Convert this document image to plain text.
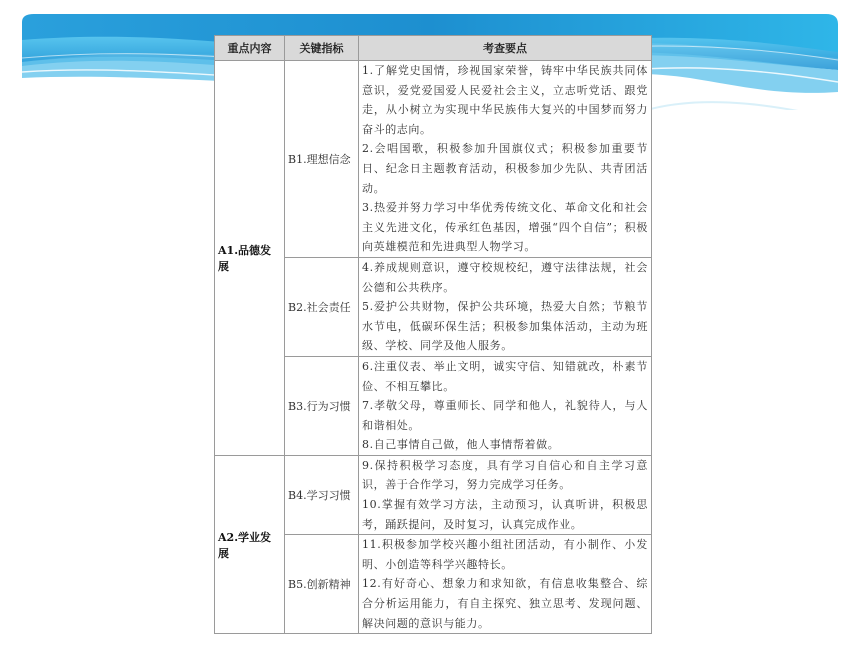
重点内容	关键指标	考查要点
A1.品德发展	B1.理想信念	1.了解党史国情，珍视国家荣誉，铸牢中华民族共同体意识，爱党爱国爱人民爱社会主义，立志听党话、跟党走，从小树立为实现中华民族伟大复兴的中国梦而努力奋斗的志向。
2.会唱国歌，积极参加升国旗仪式；积极参加重要节日、纪念日主题教育活动，积极参加少先队、共青团活动。
3.热爱并努力学习中华优秀传统文化、革命文化和社会主义先进文化，传承红色基因，增强“四个自信”；积极向英雄模范和先进典型人物学习。

	B2.社会责任	4.养成规则意识，遵守校规校纪，遵守法律法规，社会公德和公共秩序。
5.爱护公共财物，保护公共环境，热爱大自然；节粮节水节电，低碳环保生活；积极参加集体活动，主动为班级、学校、同学及他人服务。

	B3.行为习惯	6.注重仪表、举止文明，诚实守信、知错就改，朴素节俭、不相互攀比。
7.孝敬父母，尊重师长、同学和他人，礼貌待人，与人和谐相处。
8.自己事情自己做，他人事情帮着做。

A2.学业发展	B4.学习习惯	9.保持积极学习态度，具有学习自信心和自主学习意识，善于合作学习，努力完成学习任务。
10.掌握有效学习方法，主动预习，认真听讲，积极思考，踊跃提问，及时复习，认真完成作业。

	B5.创新精神	11.积极参加学校兴趣小组社团活动，有小制作、小发明、小创造等科学兴趣特长。
12.有好奇心、想象力和求知欲，有信息收集整合、综合分析运用能力，有自主探究、独立思考、发现问题、解决问题的意识与能力。
